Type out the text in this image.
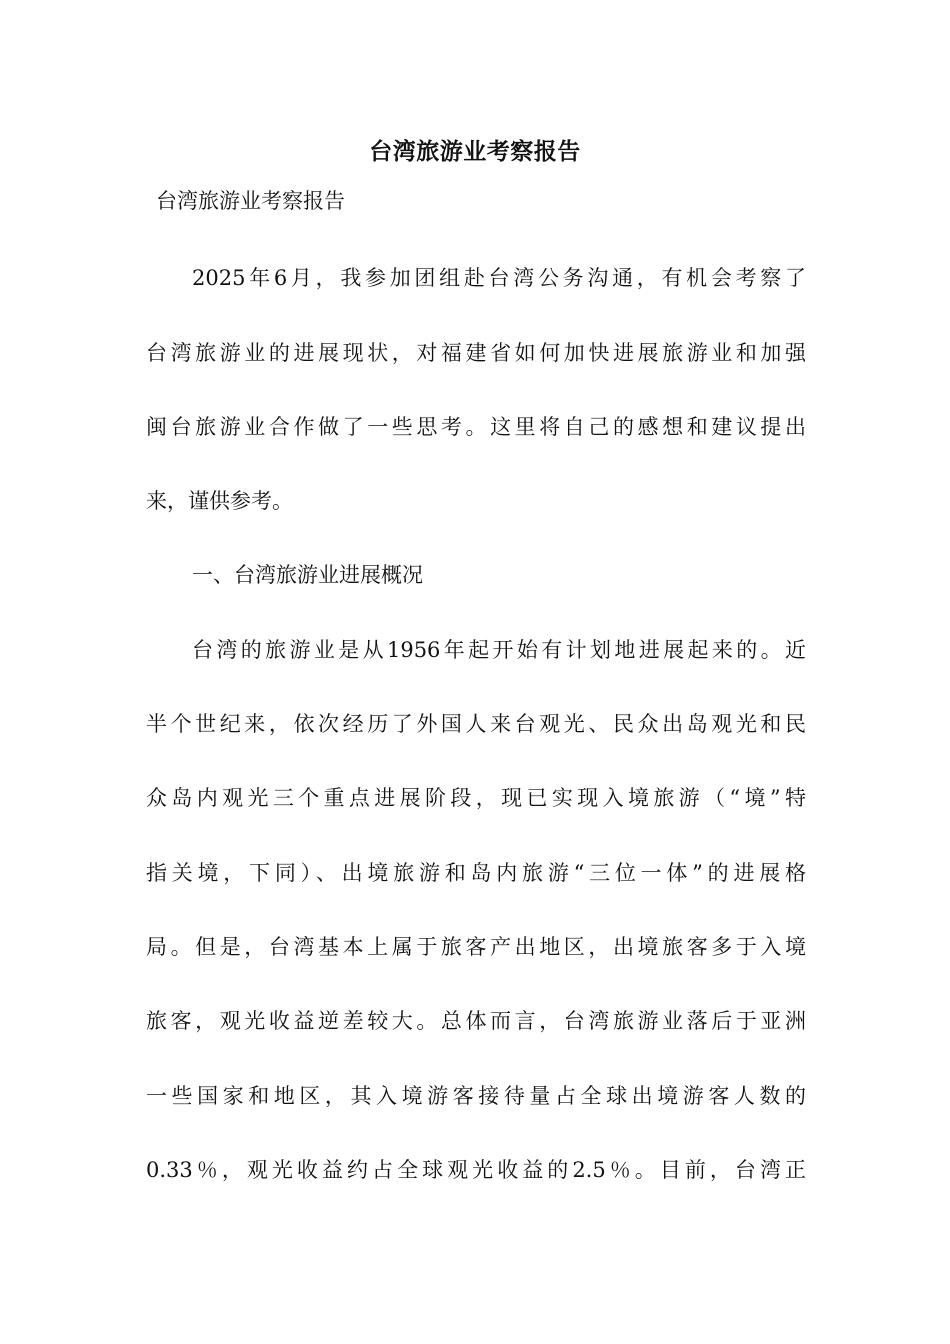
台湾旅游业考察报告
台湾旅游业考察报告
2025年6月，我参加团组赴台湾公务沟通，有机会考察了
台湾旅游业的进展现状，对福建省如何加快进展旅游业和加强
闽台旅游业合作做了一些思考。这里将自己的感想和建议提出
来，谨供参考。
一、台湾旅游业进展概况
台湾的旅游业是从1956年起开始有计划地进展起来的。近
半个世纪来，依次经历了外国人来台观光、民众出岛观光和民
众岛内观光三个重点进展阶段，现已实现入境旅游（“境”特
指关境，下同）、出境旅游和岛内旅游“三位一体”的进展格
局。但是，台湾基本上属于旅客产出地区，出境旅客多于入境
旅客，观光收益逆差较大。总体而言，台湾旅游业落后于亚洲
一些国家和地区，其入境游客接待量占全球出境游客人数的
0.33％，观光收益约占全球观光收益的2.5％。目前，台湾正
